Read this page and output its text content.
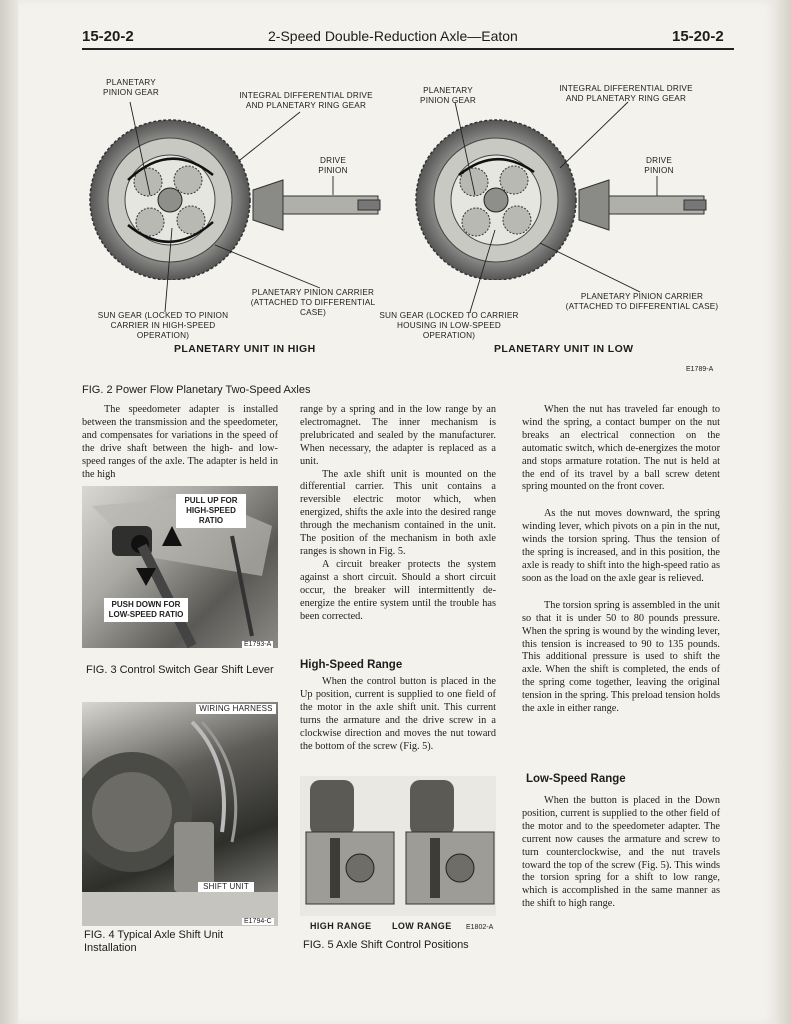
15-20-2	2-Speed Double-Reduction Axle—Eaton	15-20-2
PLANETARY PINION GEAR	INTEGRAL DIFFERENTIAL DRIVE AND PLANETARY RING GEAR
DRIVE PINION
PLANETARY PINION CARRIER (ATTACHED TO DIFFERENTIAL CASE)
SUN GEAR (LOCKED TO PINION CARRIER IN HIGH-SPEED OPERATION)
PLANETARY UNIT IN HIGH
PLANETARY PINION GEAR
INTEGRAL DIFFERENTIAL DRIVE AND PLANETARY RING GEAR
DRIVE PINION
PLANETARY PINION CARRIER (ATTACHED TO DIFFERENTIAL CASE)
SUN GEAR (LOCKED TO CARRIER HOUSING IN LOW-SPEED OPERATION)
PLANETARY UNIT IN LOW
E1789-A
FIG. 2 Power Flow Planetary Two-Speed Axles

The speedometer adapter is installed between the transmission and the speedometer, and compensates for variations in the speed of the drive shaft between the high- and low-speed ranges of the axle. The adapter is held in the high

PULL UP FOR HIGH-SPEED RATIO
PUSH DOWN FOR LOW-SPEED RATIO
E1793-A
FIG. 3 Control Switch Gear Shift Lever
WIRING HARNESS
SHIFT UNIT
E1794-C
FIG. 4 Typical Axle Shift Unit Installation

range by a spring and in the low range by an electromagnet. The inner mechanism is prelubricated and sealed by the manufacturer. When necessary, the adapter is replaced as a unit.

The axle shift unit is mounted on the differential carrier. This unit contains a reversible electric motor which, when energized, shifts the axle into the desired range through the mechanism contained in the unit. The position of the mechanism in both axle ranges is shown in Fig. 5.

A circuit breaker protects the system against a short circuit. Should a short circuit occur, the breaker will intermittently de-energize the entire system until the trouble has been corrected.

High-Speed Range

When the control button is placed in the Up position, current is supplied to one field of the motor in the axle shift unit. This current turns the armature and the drive screw in a clockwise direction and moves the nut toward the bottom of the screw (Fig. 5).

HIGH RANGE LOW RANGE E1802-A
FIG. 5 Axle Shift Control Positions

When the nut has traveled far enough to wind the spring, a contact bumper on the nut breaks an electrical connection on the automatic switch, which de-energizes the motor and stops armature rotation. The nut is held at the end of its travel by a ball screw detent spring mounted on the front cover.

As the nut moves downward, the spring winding lever, which pivots on a pin in the nut, winds the torsion spring. Thus the tension of the spring is increased, and in this position, the axle is ready to shift into the high-speed ratio as soon as the load on the axle gear is relieved.

The torsion spring is assembled in the unit so that it is under 50 to 80 pounds pressure. When the spring is wound by the winding lever, this tension is increased to 90 to 135 pounds. This additional pressure is used to shift the axle. When the shift is completed, the ends of the spring come together, leaving the original tension in the spring. This preload tension holds the axle in either range.

Low-Speed Range

When the button is placed in the Down position, current is supplied to the other field of the motor and to the speedometer adapter. The current now causes the armature and screw to turn counterclockwise, and the nut travels toward the top of the screw (Fig. 5). This winds the torsion spring for a shift to low range, which is accomplished in the same manner as the shift to high range.
